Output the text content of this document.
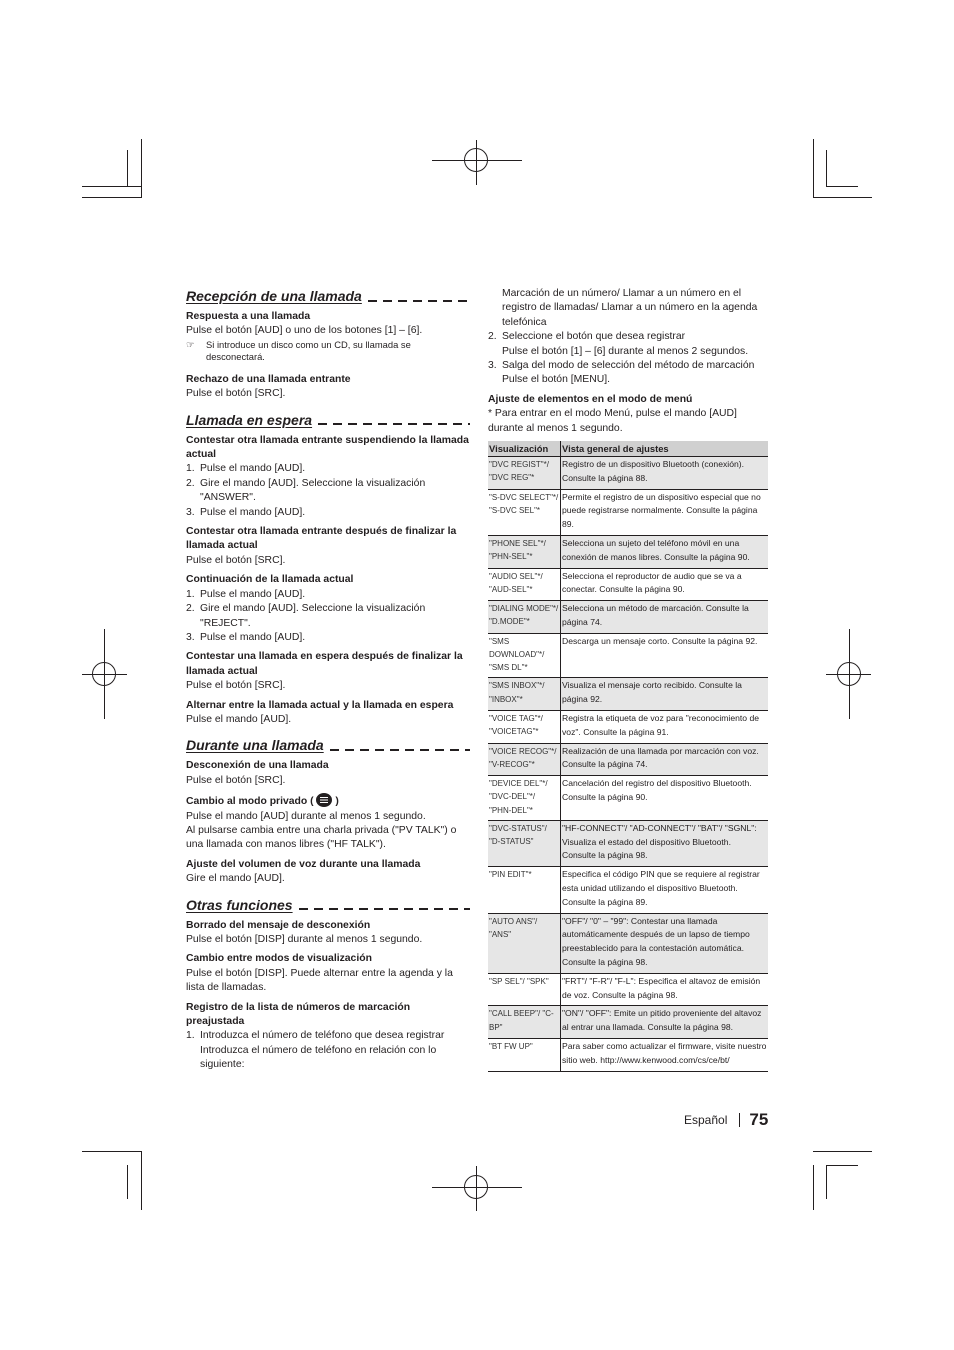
Recepción de una llamada

Respuesta a una llamada

Pulse el botón [AUD] o uno de los botones [1] – [6].

☞	Si introduce un disco como un CD, su llamada se desconectará.

Rechazo de una llamada entrante

Pulse el botón [SRC].

Llamada en espera

Contestar otra llamada entrante suspendiendo la llamada actual

1. Pulse el mando [AUD].
2. Gire el mando [AUD]. Seleccione la visualización "ANSWER".
3. Pulse el mando [AUD].

Contestar otra llamada entrante después de finalizar la llamada actual

Pulse el botón [SRC].

Continuación de la llamada actual

1. Pulse el mando [AUD].
2. Gire el mando [AUD]. Seleccione la visualización "REJECT".
3. Pulse el mando [AUD].

Contestar una llamada en espera después de finalizar la llamada actual

Pulse el botón [SRC].

Alternar entre la llamada actual y la llamada en espera

Pulse el mando [AUD].

Durante una llamada

Desconexión de una llamada

Pulse el botón [SRC].

Cambio al modo privado ( )

Pulse el mando [AUD] durante al menos 1 segundo.

Al pulsarse cambia entre una charla privada ("PV TALK") o una llamada con manos libres ("HF TALK").

Ajuste del volumen de voz durante una llamada

Gire el mando [AUD].

Otras funciones

Borrado del mensaje de desconexión

Pulse el botón [DISP] durante al menos 1 segundo.

Cambio entre modos de visualización

Pulse el botón [DISP]. Puede alternar entre la agenda y la lista de llamadas.

Registro de la lista de números de marcación preajustada

1. Introduzca el número de teléfono que desea registrar

Introduzca el número de teléfono en relación con lo siguiente:

Marcación de un número/ Llamar a un número en el registro de llamadas/ Llamar a un número en la agenda telefónica

2. Seleccione el botón que desea registrar

Pulse el botón [1] – [6] durante al menos 2 segundos.

3. Salga del modo de selección del método de marcación

Pulse el botón [MENU].

Ajuste de elementos en el modo de menú

* Para entrar en el modo Menú, pulse el mando [AUD] durante al menos 1 segundo.

Visualización	Vista general de ajustes
"DVC REGIST"*/ "DVC REG"*	Registro de un dispositivo Bluetooth (conexión). Consulte la página 88.
"S-DVC SELECT"*/ "S-DVC SEL"*	Permite el registro de un dispositivo especial que no puede registrarse normalmente. Consulte la página 89.
"PHONE SEL"*/ "PHN-SEL"*	Selecciona un sujeto del teléfono móvil en una conexión de manos libres. Consulte la página 90.
"AUDIO SEL"*/ "AUD-SEL"*	Selecciona el reproductor de audio que se va a conectar. Consulte la página 90.
"DIALING MODE"*/ "D.MODE"*	Selecciona un método de marcación. Consulte la página 74.
"SMS DOWNLOAD"*/ "SMS DL"*	Descarga un mensaje corto. Consulte la página 92.
"SMS INBOX"*/ "INBOX"*	Visualiza el mensaje corto recibido. Consulte la página 92.
"VOICE TAG"*/ "VOICETAG"*	Registra la etiqueta de voz para "reconocimiento de voz". Consulte la página 91.
"VOICE RECOG"*/ "V-RECOG"*	Realización de una llamada por marcación con voz. Consulte la página 74.
"DEVICE DEL"*/ "DVC-DEL"*/ "PHN-DEL"*	Cancelación del registro del dispositivo Bluetooth. Consulte la página 90.
"DVC-STATUS"/ "D-STATUS"	"HF-CONNECT"/ "AD-CONNECT"/ "BAT"/ "SGNL": Visualiza el estado del dispositivo Bluetooth. Consulte la página 98.
"PIN EDIT"*	Especifica el código PIN que se requiere al registrar esta unidad utilizando el dispositivo Bluetooth. Consulte la página 89.
"AUTO ANS"/ "ANS"	"OFF"/ "0" – "99": Contestar una llamada automáticamente después de un lapso de tiempo preestablecido para la contestación automática. Consulte la página 98.
"SP SEL"/ "SPK"	"FRT"/ "F-R"/ "F-L": Especifica el altavoz de emisión de voz. Consulte la página 98.
"CALL BEEP"/ "C-BP"	"ON"/ "OFF": Emite un pitido proveniente del altavoz al entrar una llamada. Consulte la página 98.
"BT FW UP"	Para saber como actualizar el firmware, visite nuestro sitio web. http://www.kenwood.com/cs/ce/bt/
Español 75
